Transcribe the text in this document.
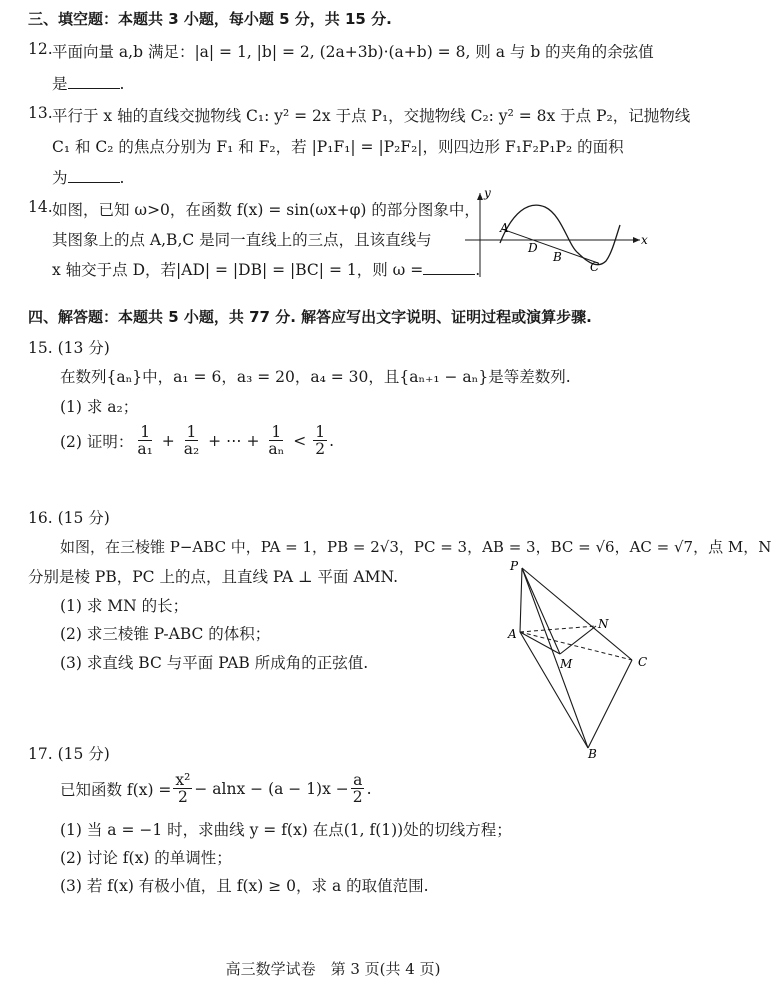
三、填空题：本题共 3 小题，每小题 5 分，共 15 分.
12. 平面向量 a,b 满足：|a| = 1, |b| = 2, (2a+3b)·(a+b) = 8, 则 a 与 b 的夹角的余弦值
是	.
13. 平行于 x 轴的直线交抛物线 C₁: y² = 2x 于点 P₁，交抛物线 C₂: y² = 8x 于点 P₂，记抛物线
C₁ 和 C₂ 的焦点分别为 F₁ 和 F₂，若 |P₁F₁| = |P₂F₂|，则四边形 F₁F₂P₁P₂ 的面积
为	.
14. 如图，已知 ω>0，在函数 f(x) = sin(ωx+φ) 的部分图象中，
其图象上的点 A,B,C 是同一直线上的三点，且该直线与
x 轴交于点 D，若|AD| = |DB| = |BC| = 1，则 ω =	.
y
x
A
D
B
C
四、解答题：本题共 5 小题，共 77 分. 解答应写出文字说明、证明过程或演算步骤.
15. (13 分)
在数列{aₙ}中，a₁ = 6，a₃ = 20，a₄ = 30，且{aₙ₊₁ − aₙ}是等差数列.
(1) 求 a₂；
(2) 证明： $\frac{1}{\text{a₁}} + \frac{1}{\text{a₂}}$
+ ⋯ +
$\frac{1}{\text{aₙ}}$
<
$\frac{1}{2}$ .
16. (15 分)
如图，在三棱锥 P−ABC 中，PA = 1，PB = 2√3，PC = 3，AB = 3，BC = √6，AC = √7，点 M，N
分别是棱 PB，PC 上的点，且直线 PA ⊥ 平面 AMN.
(1) 求 MN 的长；
(2) 求三棱锥 P-ABC 的体积；
(3) 求直线 BC 与平面 PAB 所成角的正弦值.
P
A
N
M	C
B
17. (15 分)
已知函数 $f(x) = \frac{\text{x²}}{2} - alnx - (a - 1)x - \frac{a}{2}$ .
(1) 当 a = −1 时，求曲线 y = f(x) 在点(1, f(1))处的切线方程；
(2) 讨论 f(x) 的单调性；
(3) 若 f(x) 有极小值，且 f(x) ≥ 0，求 a 的取值范围.
高三数学试卷　第 3 页(共 4 页)
